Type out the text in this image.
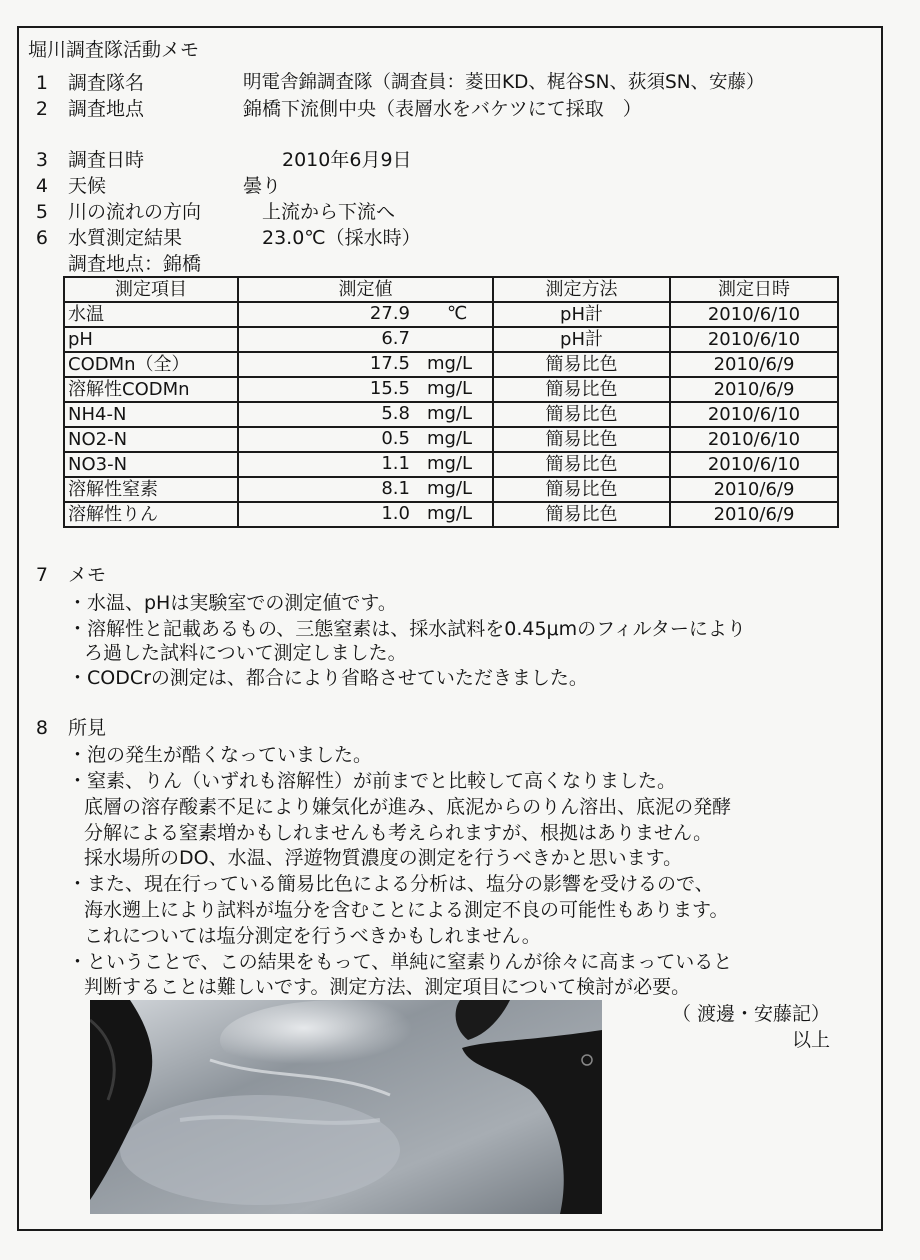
堀川調査隊活動メモ
1 調査隊名	明電舎錦調査隊（調査員：菱田KD、梶谷SN、荻須SN、安藤）
2 調査地点	錦橋下流側中央（表層水をバケツにて採取　）
3 調査日時	2010年6月9日
4 天候	曇り
5 川の流れの方向	上流から下流へ
6 水質測定結果	23.0℃（採水時）
調査地点：錦橋
測定項目	測定値	測定方法	測定日時
水温	27.9 ℃	pH計	2010/6/10
pH	6.7	pH計	2010/6/10
CODMn（全）	17.5 mg/L	簡易比色	2010/6/9
溶解性CODMn	15.5 mg/L	簡易比色	2010/6/9
NH4-N	5.8 mg/L	簡易比色	2010/6/10
NO2-N	0.5 mg/L	簡易比色	2010/6/10
NO3-N	1.1 mg/L	簡易比色	2010/6/10
溶解性窒素	8.1 mg/L	簡易比色	2010/6/9
溶解性りん	1.0 mg/L	簡易比色	2010/6/9
7 メモ
・水温、pHは実験室での測定値です。
・溶解性と記載あるもの、三態窒素は、採水試料を0.45μmのフィルターにより
ろ過した試料について測定しました。
・CODCrの測定は、都合により省略させていただきました。
8 所見
・泡の発生が酷くなっていました。
・窒素、りん（いずれも溶解性）が前までと比較して高くなりました。
底層の溶存酸素不足により嫌気化が進み、底泥からのりん溶出、底泥の発酵
分解による窒素増かもしれませんも考えられますが、根拠はありません。
採水場所のDO、水温、浮遊物質濃度の測定を行うべきかと思います。
・また、現在行っている簡易比色による分析は、塩分の影響を受けるので、
海水遡上により試料が塩分を含むことによる測定不良の可能性もあります。
これについては塩分測定を行うべきかもしれません。
・ということで、この結果をもって、単純に窒素りんが徐々に高まっていると
判断することは難しいです。測定方法、測定項目について検討が必要。
（ 渡邊・安藤記）
以上
